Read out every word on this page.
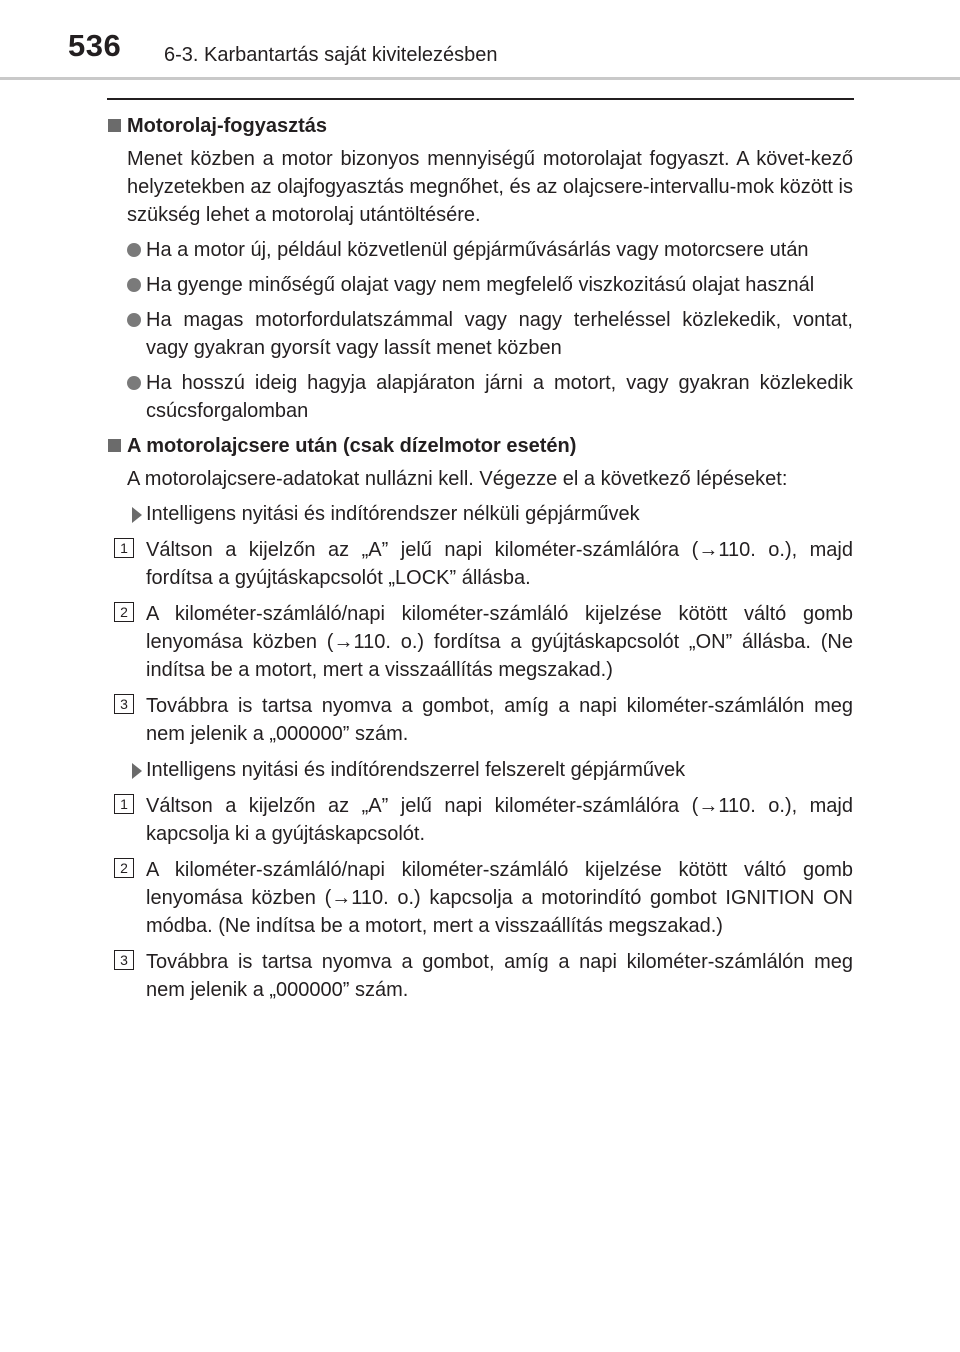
536 6-3. Karbantartás saját kivitelezésben
Motorolaj-fogyasztás
Menet közben a motor bizonyos mennyiségű motorolajat fogyaszt. A követ-kező helyzetekben az olajfogyasztás megnőhet, és az olajcsere-intervallu-mok között is szükség lehet a motorolaj utántöltésére.
Ha a motor új, például közvetlenül gépjárművásárlás vagy motorcsere után
Ha gyenge minőségű olajat vagy nem megfelelő viszkozitású olajat használ
Ha magas motorfordulatszámmal vagy nagy terheléssel közlekedik, vontat, vagy gyakran gyorsít vagy lassít menet közben
Ha hosszú ideig hagyja alapjáraton járni a motort, vagy gyakran közlekedik csúcsforgalomban
A motorolajcsere után (csak dízelmotor esetén)
A motorolajcsere-adatokat nullázni kell. Végezze el a következő lépéseket:
Intelligens nyitási és indítórendszer nélküli gépjárművek
1 Váltson a kijelzőn az „A” jelű napi kilométer-számlálóra (→110. o.), majd fordítsa a gyújtáskapcsolót „LOCK” állásba.
2 A kilométer-számláló/napi kilométer-számláló kijelzése kötött váltó gomb lenyomása közben (→110. o.) fordítsa a gyújtáskapcsolót „ON” állásba. (Ne indítsa be a motort, mert a visszaállítás megszakad.)
3 Továbbra is tartsa nyomva a gombot, amíg a napi kilométer-számlálón meg nem jelenik a „000000” szám.
Intelligens nyitási és indítórendszerrel felszerelt gépjárművek
1 Váltson a kijelzőn az „A” jelű napi kilométer-számlálóra (→110. o.), majd kapcsolja ki a gyújtáskapcsolót.
2 A kilométer-számláló/napi kilométer-számláló kijelzése kötött váltó gomb lenyomása közben (→110. o.) kapcsolja a motorindító gombot IGNITION ON módba. (Ne indítsa be a motort, mert a visszaállítás megszakad.)
3 Továbbra is tartsa nyomva a gombot, amíg a napi kilométer-számlálón meg nem jelenik a „000000” szám.
